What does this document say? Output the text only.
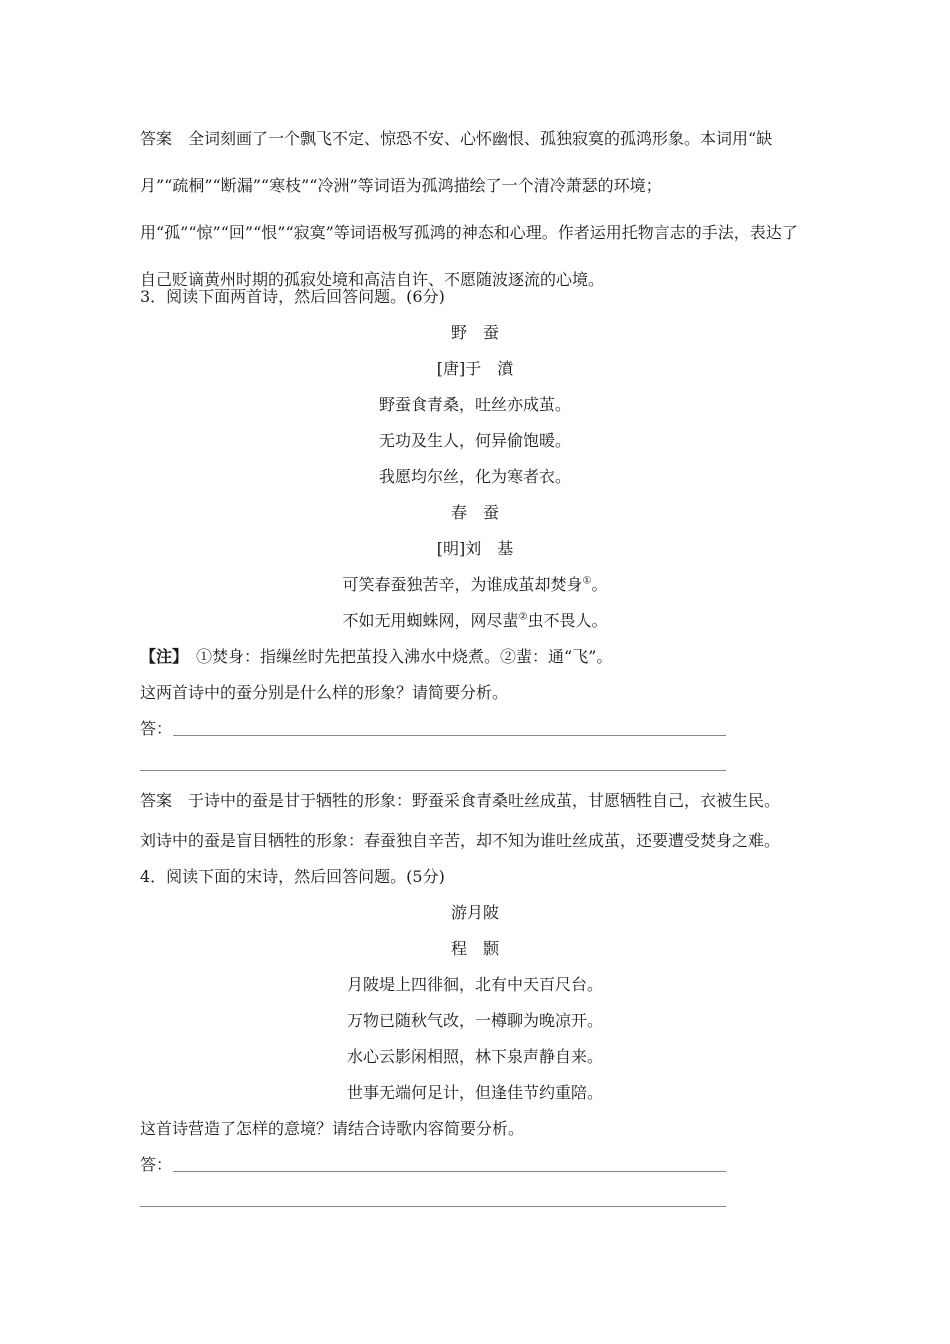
答案 全词刻画了一个飘飞不定、惊恐不安、心怀幽恨、孤独寂寞的孤鸿形象。本词用“缺月”“疏桐”“断漏”“寒枝”“冷洲”等词语为孤鸿描绘了一个清冷萧瑟的环境；用“孤”“惊”“回”“恨”“寂寞”等词语极写孤鸿的神态和心理。作者运用托物言志的手法，表达了自己贬谪黄州时期的孤寂处境和高洁自许、不愿随波逐流的心境。

3．阅读下面两首诗，然后回答问题。(6分)
野　蚕
[唐]于　濆
野蚕食青桑，吐丝亦成茧。
无功及生人，何异偷饱暖。
我愿均尔丝，化为寒者衣。
春　蚕
[明]刘　基
可笑春蚕独苦辛，为谁成茧却焚身①。
不如无用蜘蛛网，网尽蜚②虫不畏人。
【注】 ①焚身：指缫丝时先把茧投入沸水中烧煮。②蜚：通“飞”。
这两首诗中的蚕分别是什么样的形象？请简要分析。
答：
答案 于诗中的蚕是甘于牺牲的形象：野蚕采食青桑吐丝成茧，甘愿牺牲自己，衣被生民。
刘诗中的蚕是盲目牺牲的形象：春蚕独自辛苦，却不知为谁吐丝成茧，还要遭受焚身之难。
4．阅读下面的宋诗，然后回答问题。(5分)
游月陂
程　颢
月陂堤上四徘徊，北有中天百尺台。
万物已随秋气改，一樽聊为晚凉开。
水心云影闲相照，林下泉声静自来。
世事无端何足计，但逢佳节约重陪。
这首诗营造了怎样的意境？请结合诗歌内容简要分析。
答：
